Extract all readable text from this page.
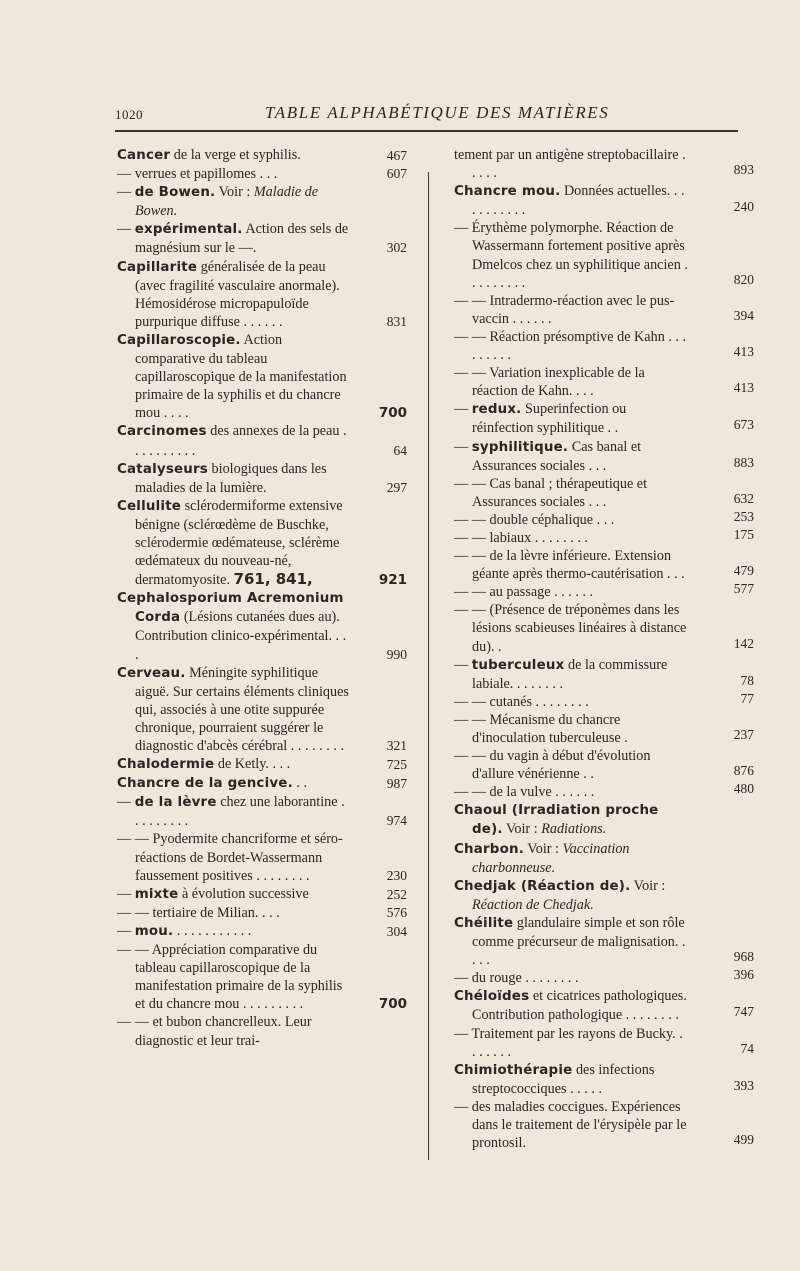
1020	TABLE ALPHABÉTIQUE DES MATIÈRES
Cancer de la verge et syphilis.	467
— verrues et papillomes . . .	607
— de Bowen. Voir : Maladie de Bowen.
— expérimental. Action des sels de magnésium sur le —.	302
Capillarite généralisée de la peau (avec fragilité vasculaire anormale). Hémosidérose micropapuloïde purpurique diffuse . . . . . .	831
Capillaroscopie. Action comparative du tableau capillaroscopique de la manifestation primaire de la syphilis et du chancre mou . . . .	700
Carcinomes des annexes de la peau . . . . . . . . . .	64
Catalyseurs biologiques dans les maladies de la lumière.	297
Cellulite sclérodermiforme extensive bénigne (sclérœdème de Buschke, sclérodermie œdémateuse, sclérème œdémateux du nouveau-né, dermatomyosite. 761, 841,	921
Cephalosporium Acremonium Corda (Lésions cutanées dues au). Contribution clinico-expérimental. . . .	990
Cerveau. Méningite syphilitique aiguë. Sur certains éléments cliniques qui, associés à une otite suppurée chronique, pourraient suggérer le diagnostic d'abcès cérébral . . . . . . . .	321
Chalodermie de Ketly. . . .	725
Chancre de la gencive. . .	987
— de la lèvre chez une laborantine . . . . . . . . .	974
— — Pyodermite chancriforme et séro-réactions de Bordet-Wassermann faussement positives . . . . . . . .	230
— mixte à évolution successive	252
— — tertiaire de Milian. . . .	576
— mou. . . . . . . . . . . .	304
— — Appréciation comparative du tableau capillaroscopique de la manifestation primaire de la syphilis et du chancre mou . . . . . . . . .	700
— — et bubon chancrelleux. Leur diagnostic et leur trai-
tement par un antigène streptobacillaire . . . . .	893
Chancre mou. Données actuelles. . . . . . . . . . .	240
— Érythème polymorphe. Réaction de Wassermann fortement positive après Dmelcos chez un syphilitique ancien . . . . . . . . .	820
— — Intradermo-réaction avec le pus-vaccin . . . . . .	394
— — Réaction présomptive de Kahn . . . . . . . . .	413
— — Variation inexplicable de la réaction de Kahn. . . .	413
— redux. Superinfection ou réinfection syphilitique . .	673
— syphilitique. Cas banal et Assurances sociales . . .	883
— — Cas banal ; thérapeutique et Assurances sociales . . .	632
— — double céphalique . . .	253
— — labiaux . . . . . . . .	175
— — de la lèvre inférieure. Extension géante après thermo-cautérisation . . .	479
— — au passage . . . . . .	577
— — (Présence de tréponèmes dans les lésions scabieuses linéaires à distance du). .	142
— tuberculeux de la commissure labiale. . . . . . . .	78
— — cutanés . . . . . . . .	77
— — Mécanisme du chancre d'inoculation tuberculeuse .	237
— — du vagin à début d'évolution d'allure vénérienne . .	876
— — de la vulve . . . . . .	480
Chaoul (Irradiation proche de). Voir : Radiations.
Charbon. Voir : Vaccination charbonneuse.
Chedjak (Réaction de). Voir : Réaction de Chedjak.
Chéilite glandulaire simple et son rôle comme précurseur de malignisation. . . . .	968
— du rouge . . . . . . . .	396
Chéloïdes et cicatrices pathologiques. Contribution pathologique . . . . . . . .	747
— Traitement par les rayons de Bucky. . . . . . . .	74
Chimiothérapie des infections streptococciques . . . . .	393
— des maladies coccigues. Expériences dans le traitement de l'érysipèle par le prontosil.	499
